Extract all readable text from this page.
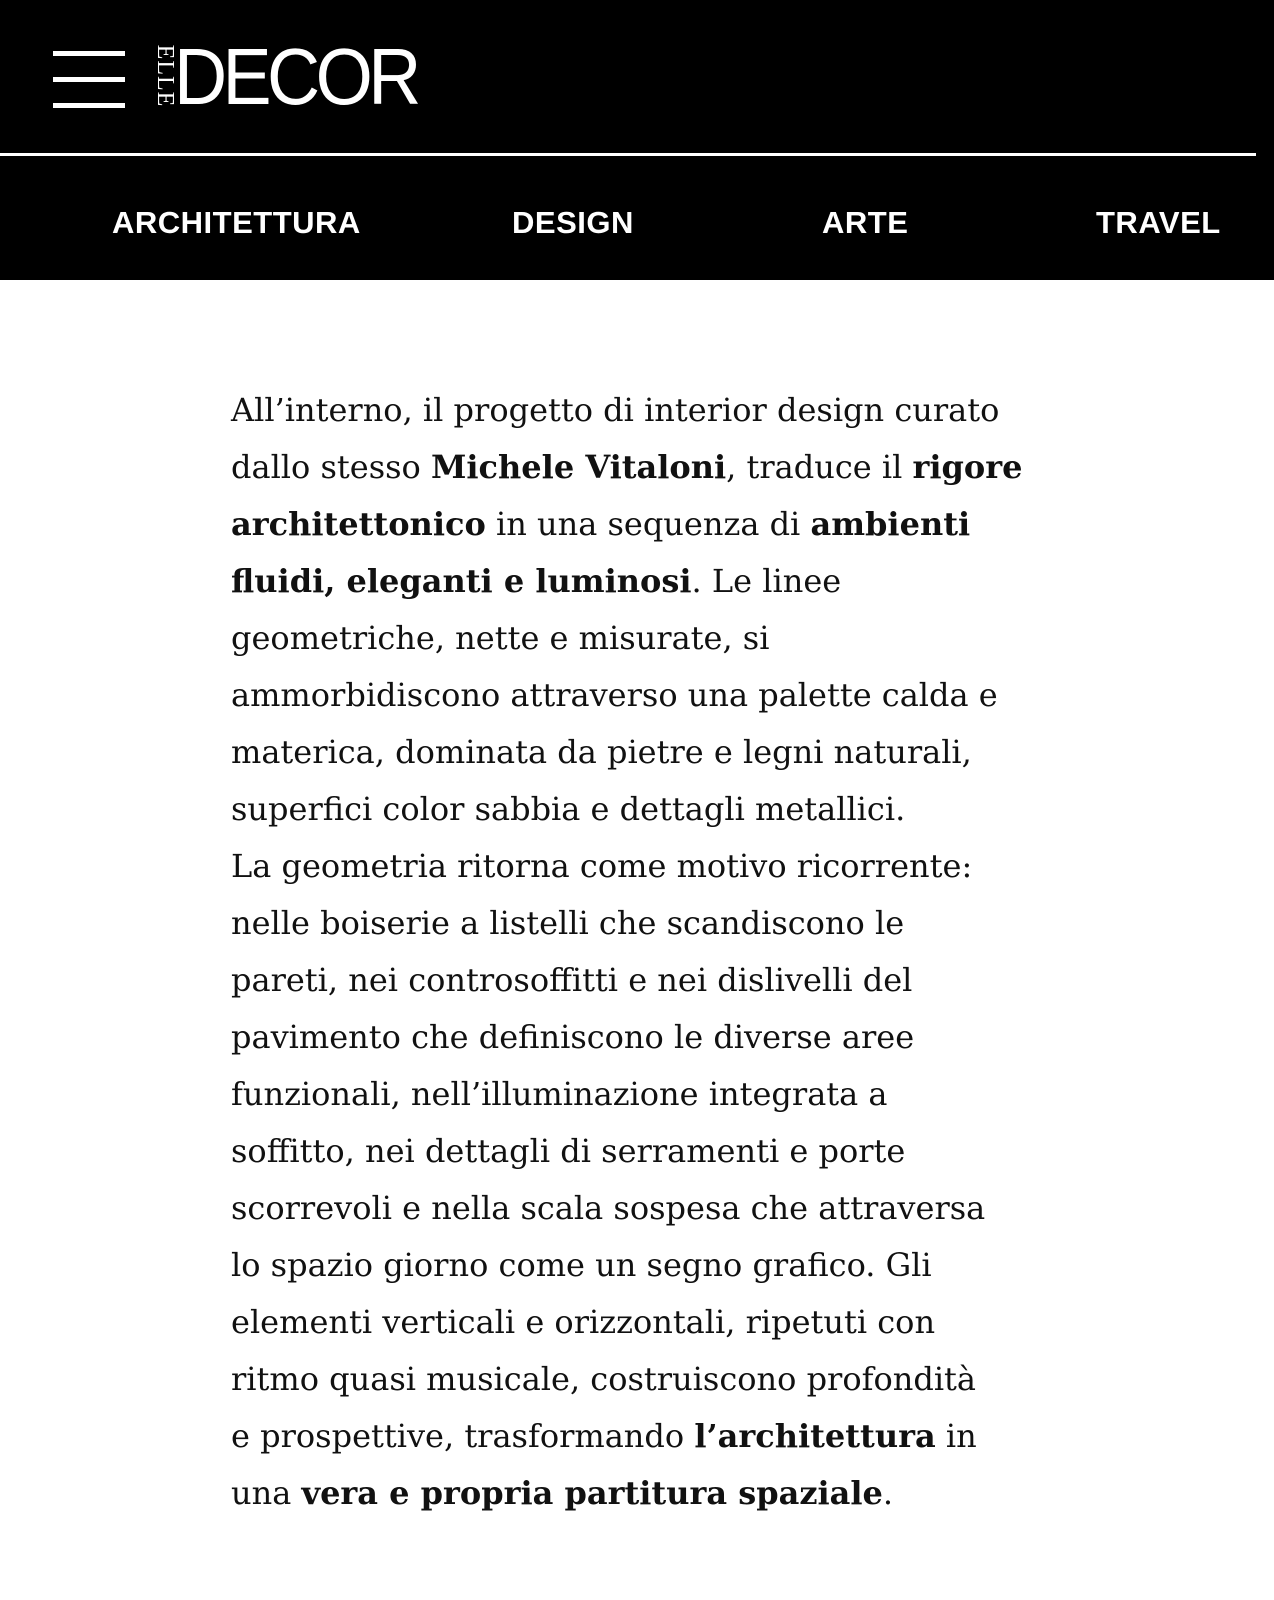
ELLE
DECOR
ARCHITETTURA	DESIGN	ARTE	TRAVEL
All’interno, il progetto di interior design curato
dallo stesso Michele Vitaloni, traduce il rigore
architettonico in una sequenza di ambienti
fluidi, eleganti e luminosi. Le linee
geometriche, nette e misurate, si
ammorbidiscono attraverso una palette calda e
materica, dominata da pietre e legni naturali,
superfici color sabbia e dettagli metallici.
La geometria ritorna come motivo ricorrente:
nelle boiserie a listelli che scandiscono le
pareti, nei controsoffitti e nei dislivelli del
pavimento che definiscono le diverse aree
funzionali, nell’illuminazione integrata a
soffitto, nei dettagli di serramenti e porte
scorrevoli e nella scala sospesa che attraversa
lo spazio giorno come un segno grafico. Gli
elementi verticali e orizzontali, ripetuti con
ritmo quasi musicale, costruiscono profondità
e prospettive, trasformando l’architettura in
una vera e propria partitura spaziale.
